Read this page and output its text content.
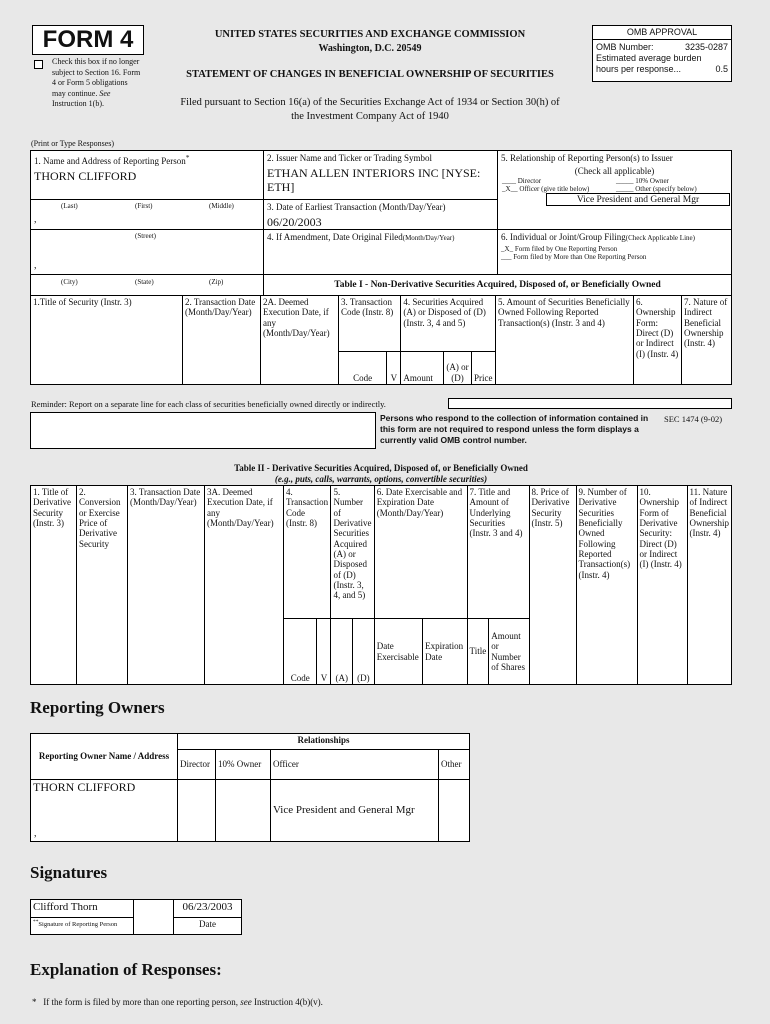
FORM 4
Check this box if no longer subject to Section 16. Form 4 or Form 5 obligations may continue. See Instruction 1(b).
UNITED STATES SECURITIES AND EXCHANGE COMMISSION
Washington, D.C. 20549
STATEMENT OF CHANGES IN BENEFICIAL OWNERSHIP OF SECURITIES
Filed pursuant to Section 16(a) of the Securities Exchange Act of 1934 or Section 30(h) of
the Investment Company Act of 1940
OMB APPROVAL
OMB Number:	3235-0287
Estimated average burden
hours per response...	0.5
(Print or Type Responses)
1. Name and Address of Reporting Person*
THORN CLIFFORD
(Last)	(First)	(Middle)
,
(Street)
,
(City)	(State)	(Zip)
2. Issuer Name and Ticker or Trading Symbol
ETHAN ALLEN INTERIORS INC [NYSE: ETH]
3. Date of Earliest Transaction (Month/Day/Year)
06/20/2003
4. If Amendment, Date Original Filed(Month/Day/Year)
5. Relationship of Reporting Person(s) to Issuer
(Check all applicable)
____ Director	_____ 10% Owner
_X__ Officer (give title below)	_____ Other (specify below)
Vice President and General Mgr
6. Individual or Joint/Group Filing(Check Applicable Line)
_X_ Form filed by One Reporting Person
___ Form filed by More than One Reporting Person
Table I - Non-Derivative Securities Acquired, Disposed of, or Beneficially Owned
1.Title of Security (Instr. 3)	2. Transaction Date (Month/Day/Year)	2A. Deemed Execution Date, if any (Month/Day/Year)	3. Transaction Code (Instr. 8)		4. Securities Acquired (A) or Disposed of (D) (Instr. 3, 4 and 5)			5. Amount of Securities Beneficially Owned Following Reported Transaction(s) (Instr. 3 and 4)	6. Ownership Form: Direct (D) or Indirect (I) (Instr. 4)	7. Nature of Indirect Beneficial Ownership (Instr. 4)
			Code	V	Amount	(A) or (D)	Price			
Reminder: Report on a separate line for each class of securities beneficially owned directly or indirectly.
Persons who respond to the collection of information contained in this form are not required to respond unless the form displays a currently valid OMB control number.
SEC 1474 (9-02)
Table II - Derivative Securities Acquired, Disposed of, or Beneficially Owned
(e.g., puts, calls, warrants, options, convertible securities)
1. Title of Derivative Security (Instr. 3)	2. Conversion or Exercise Price of Derivative Security	3. Transaction Date (Month/Day/Year)	3A. Deemed Execution Date, if any (Month/Day/Year)	4. Transaction Code (Instr. 8)		5. Number of Derivative Securities Acquired (A) or Disposed of (D) (Instr. 3, 4, and 5)		6. Date Exercisable and Expiration Date (Month/Day/Year)		7. Title and Amount of Underlying Securities (Instr. 3 and 4)		8. Price of Derivative Security (Instr. 5)	9. Number of Derivative Securities Beneficially Owned Following Reported Transaction(s) (Instr. 4)	10. Ownership Form of Derivative Security: Direct (D) or Indirect (I) (Instr. 4)	11. Nature of Indirect Beneficial Ownership (Instr. 4)
				Code	V	(A)	(D)	Date Exercisable	Expiration Date	Title	Amount or Number of Shares				
Reporting Owners
Reporting Owner Name / Address	Relationships			
	Director	10% Owner	Officer	Other

THORN CLIFFORD
,			Vice President and General Mgr	
Signatures
Clifford Thorn		06/23/2003
**Signature of Reporting Person		Date
Explanation of Responses:
* If the form is filed by more than one reporting person, see Instruction 4(b)(v).
